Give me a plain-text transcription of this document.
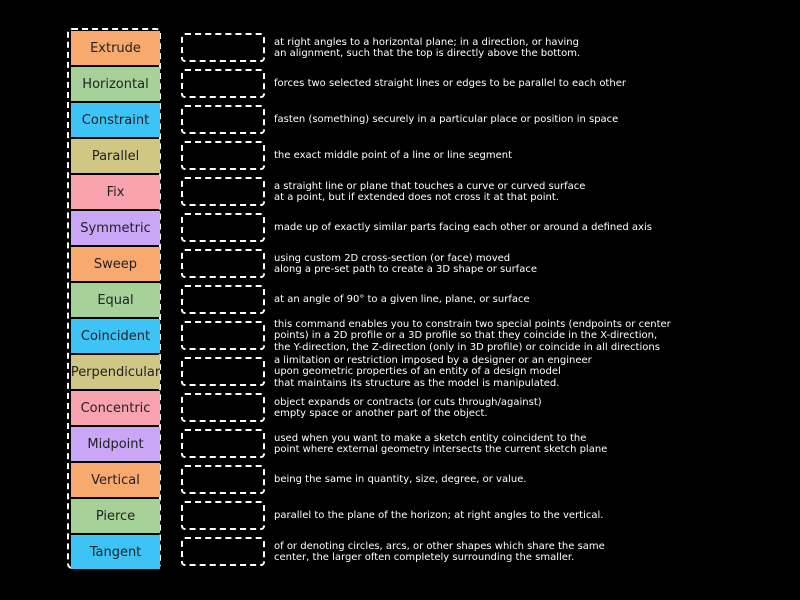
Extrude
Horizontal
Constraint
Parallel
Fix
Symmetric
Sweep
Equal
Coincident
Perpendicular
Concentric
Midpoint
Vertical
Pierce
Tangent
at right angles to a horizontal plane; in a direction, or having
an alignment, such that the top is directly above the bottom.
forces two selected straight lines or edges to be parallel to each other
fasten (something) securely in a particular place or position in space
the exact middle point of a line or line segment
a straight line or plane that touches a curve or curved surface
at a point, but if extended does not cross it at that point.
made up of exactly similar parts facing each other or around a defined axis
using custom 2D cross-section (or face) moved
along a pre-set path to create a 3D shape or surface
at an angle of 90° to a given line, plane, or surface
this command enables you to constrain two special points (endpoints or center
points) in a 2D profile or a 3D profile so that they coincide in the X-direction,
the Y-direction, the Z-direction (only in 3D profile) or coincide in all directions
a limitation or restriction imposed by a designer or an engineer
upon geometric properties of an entity of a design model
that maintains its structure as the model is manipulated.
object expands or contracts (or cuts through/against)
empty space or another part of the object.
used when you want to make a sketch entity coincident to the
point where external geometry intersects the current sketch plane
being the same in quantity, size, degree, or value.
parallel to the plane of the horizon; at right angles to the vertical.
of or denoting circles, arcs, or other shapes which share the same
center, the larger often completely surrounding the smaller.
